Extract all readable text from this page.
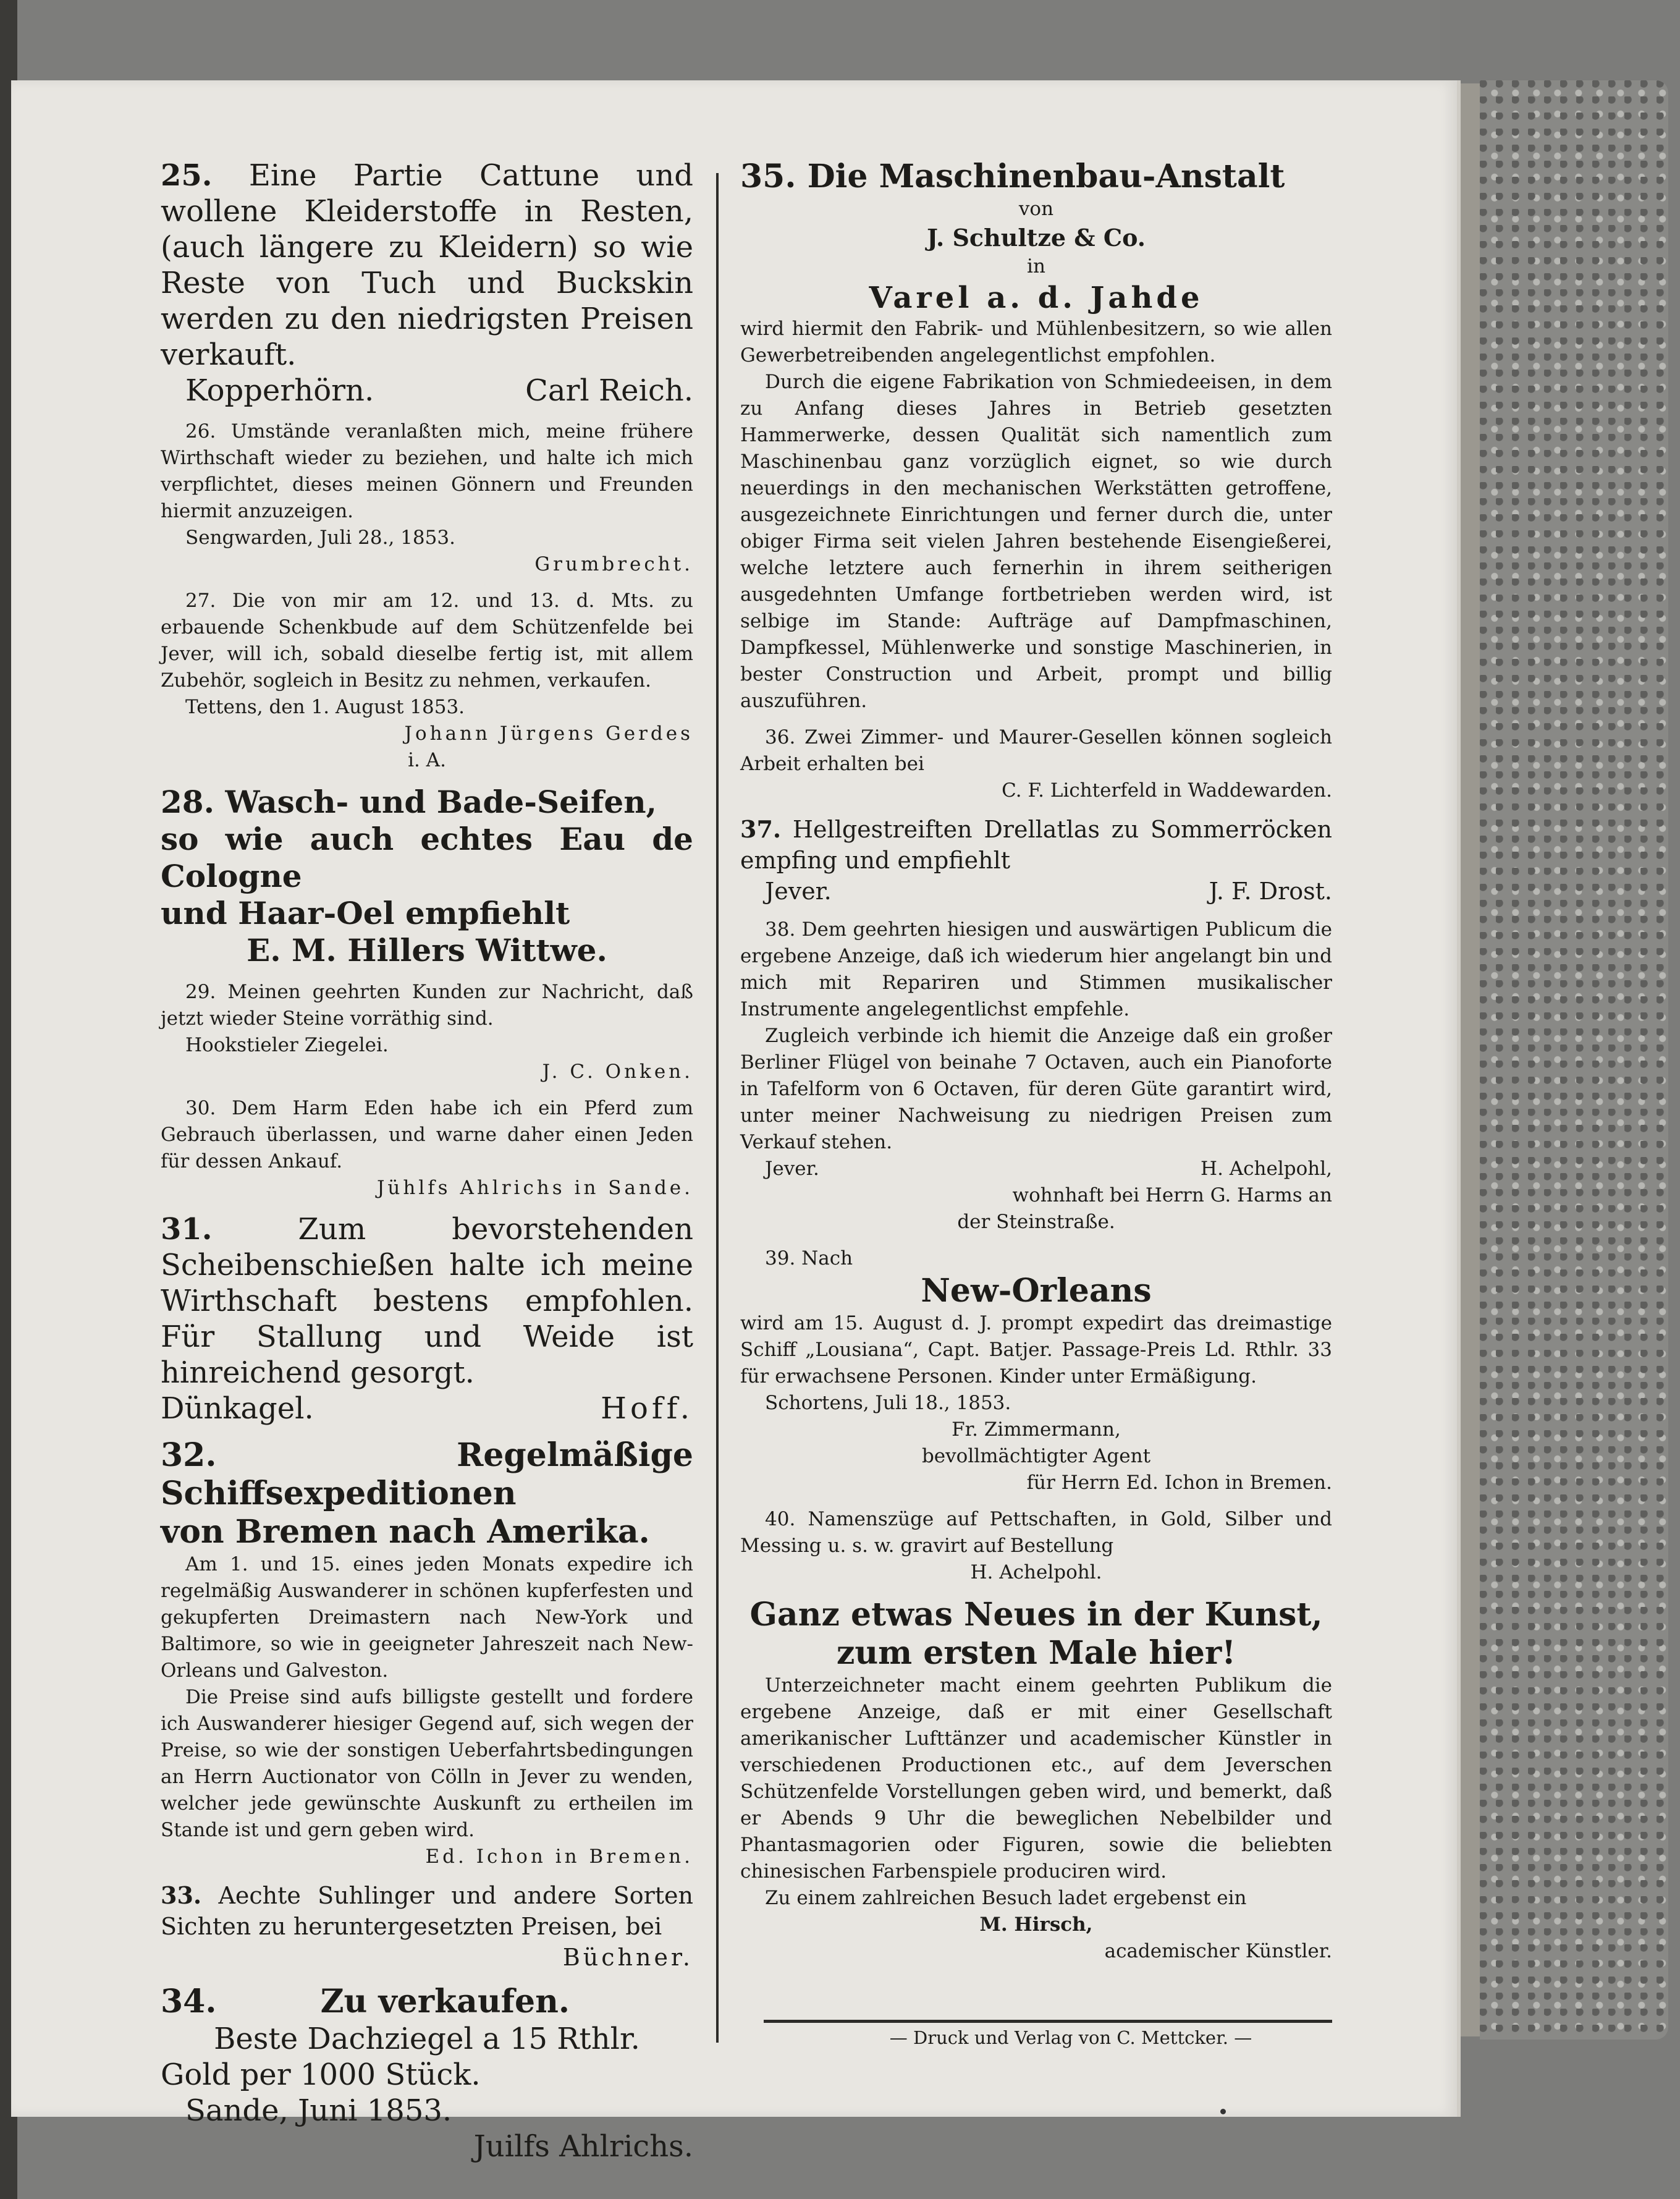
25. Eine Partie Cattune und wollene Kleiderstoffe in Resten, (auch längere zu Kleidern) so wie Reste von Tuch und Buckskin werden zu den niedrigsten Preisen verkauft.
Kopperhörn.	Carl Reich.
26. Umstände veranlaßten mich, meine frühere Wirthschaft wieder zu beziehen, und halte ich mich verpflichtet, dieses meinen Gönnern und Freunden hiermit anzuzeigen.
Sengwarden, Juli 28., 1853.
Grumbrecht.
27. Die von mir am 12. und 13. d. Mts. zu erbauende Schenkbude auf dem Schützenfelde bei Jever, will ich, sobald dieselbe fertig ist, mit allem Zubehör, sogleich in Besitz zu nehmen, verkaufen.
Tettens, den 1. August 1853.
Johann Jürgens Gerdes
i. A.
28. Wasch- und Bade-Seifen,
so wie auch echtes Eau de Cologne
und Haar-Oel empfiehlt
E. M. Hillers Wittwe.
29. Meinen geehrten Kunden zur Nachricht, daß jetzt wieder Steine vorräthig sind.
Hookstieler Ziegelei.
J. C. Onken.
30. Dem Harm Eden habe ich ein Pferd zum Gebrauch überlassen, und warne daher einen Jeden für dessen Ankauf.
Jühlfs Ahlrichs in Sande.
31.	Zum bevorstehenden Scheibenschießen halte ich meine Wirthschaft bestens empfohlen. Für Stallung und Weide ist hinreichend gesorgt.
Dünkagel.	Hoff.
32. Regelmäßige Schiffsexpeditionen
von Bremen nach Amerika.
Am 1. und 15. eines jeden Monats expedire ich regelmäßig Auswanderer in schönen kupferfesten und gekupferten Dreimastern nach New-York und Baltimore, so wie in geeigneter Jahreszeit nach New-Orleans und Galveston.
Die Preise sind aufs billigste gestellt und fordere ich Auswanderer hiesiger Gegend auf, sich wegen der Preise, so wie der sonstigen Ueberfahrtsbedingungen an Herrn Auctionator von Cölln in Jever zu wenden, welcher jede gewünschte Auskunft zu ertheilen im Stande ist und gern geben wird.
Ed. Ichon in Bremen.
33. Aechte Suhlinger und andere Sorten Sichten zu heruntergesetzten Preisen, bei
Büchner.
34.	Zu verkaufen.
Beste Dachziegel a 15 Rthlr.
Gold per 1000 Stück.
Sande, Juni 1853.
Juilfs Ahlrichs.
35. Die Maschinenbau-Anstalt
von
J. Schultze & Co.
in
Varel a. d. Jahde
wird hiermit den Fabrik- und Mühlenbesitzern, so wie allen Gewerbetreibenden angelegentlichst empfohlen.
Durch die eigene Fabrikation von Schmiedeeisen, in dem zu Anfang dieses Jahres in Betrieb gesetzten Hammerwerke, dessen Qualität sich namentlich zum Maschinenbau ganz vorzüglich eignet, so wie durch neuerdings in den mechanischen Werkstätten getroffene, ausgezeichnete Einrichtungen und ferner durch die, unter obiger Firma seit vielen Jahren bestehende Eisengießerei, welche letztere auch fernerhin in ihrem seitherigen ausgedehnten Umfange fortbetrieben werden wird, ist selbige im Stande: Aufträge auf Dampfmaschinen, Dampfkessel, Mühlenwerke und sonstige Maschinerien, in bester Construction und Arbeit, prompt und billig auszuführen.
36. Zwei Zimmer- und Maurer-Gesellen können sogleich Arbeit erhalten bei
C. F. Lichterfeld in Waddewarden.
37. Hellgestreiften Drellatlas zu Sommerröcken empfing und empfiehlt
Jever.	J. F. Drost.
38. Dem geehrten hiesigen und auswärtigen Publicum die ergebene Anzeige, daß ich wiederum hier angelangt bin und mich mit Repariren und Stimmen musikalischer Instrumente angelegentlichst empfehle.
Zugleich verbinde ich hiemit die Anzeige daß ein großer Berliner Flügel von beinahe 7 Octaven, auch ein Pianoforte in Tafelform von 6 Octaven, für deren Güte garantirt wird, unter meiner Nachweisung zu niedrigen Preisen zum Verkauf stehen.
Jever.	H. Achelpohl,
wohnhaft bei Herrn G. Harms an
der Steinstraße.
39. Nach
New-Orleans
wird am 15. August d. J. prompt expedirt das dreimastige Schiff „Lousiana“, Capt. Batjer. Passage-Preis Ld. Rthlr. 33 für erwachsene Personen. Kinder unter Ermäßigung.
Schortens, Juli 18., 1853.
Fr. Zimmermann,
bevollmächtigter Agent
für Herrn Ed. Ichon in Bremen.
40. Namenszüge auf Pettschaften, in Gold, Silber und Messing u. s. w. gravirt auf Bestellung
H. Achelpohl.
Ganz etwas Neues in der Kunst,
zum ersten Male hier!
Unterzeichneter macht einem geehrten Publikum die ergebene Anzeige, daß er mit einer Gesellschaft amerikanischer Lufttänzer und academischer Künstler in verschiedenen Productionen etc., auf dem Jeverschen Schützenfelde Vorstellungen geben wird, und bemerkt, daß er Abends 9 Uhr die beweglichen Nebelbilder und Phantasmagorien oder Figuren, sowie die beliebten chinesischen Farbenspiele produciren wird.
Zu einem zahlreichen Besuch ladet ergebenst ein
M. Hirsch,
academischer Künstler.
— Druck und Verlag von C. Mettcker. —
